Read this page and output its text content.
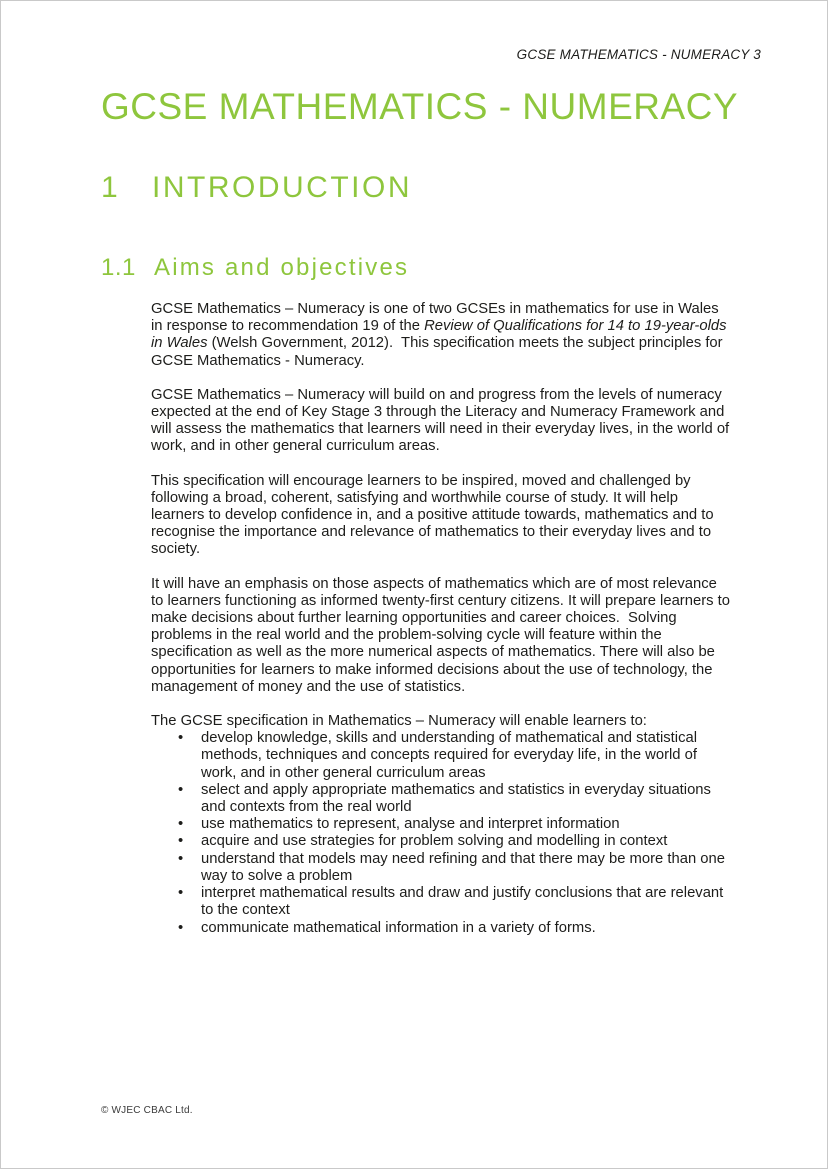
GCSE MATHEMATICS - NUMERACY 3
GCSE MATHEMATICS - NUMERACY
1	INTRODUCTION
1.1 Aims and objectives

GCSE Mathematics – Numeracy is one of two GCSEs in mathematics for use in Wales in response to recommendation 19 of the Review of Qualifications for 14 to 19-year-olds in Wales (Welsh Government, 2012).  This specification meets the subject principles for GCSE Mathematics - Numeracy.

GCSE Mathematics – Numeracy will build on and progress from the levels of numeracy expected at the end of Key Stage 3 through the Literacy and Numeracy Framework and will assess the mathematics that learners will need in their everyday lives, in the world of work, and in other general curriculum areas.

This specification will encourage learners to be inspired, moved and challenged by following a broad, coherent, satisfying and worthwhile course of study. It will help learners to develop confidence in, and a positive attitude towards, mathematics and to recognise the importance and relevance of mathematics to their everyday lives and to society.

It will have an emphasis on those aspects of mathematics which are of most relevance to learners functioning as informed twenty-first century citizens. It will prepare learners to make decisions about further learning opportunities and career choices.  Solving problems in the real world and the problem-solving cycle will feature within the specification as well as the more numerical aspects of mathematics. There will also be opportunities for learners to make informed decisions about the use of technology, the management of money and the use of statistics.

The GCSE specification in Mathematics – Numeracy will enable learners to:

• develop knowledge, skills and understanding of mathematical and statistical methods, techniques and concepts required for everyday life, in the world of work, and in other general curriculum areas
• select and apply appropriate mathematics and statistics in everyday situations and contexts from the real world
• use mathematics to represent, analyse and interpret information
• acquire and use strategies for problem solving and modelling in context
• understand that models may need refining and that there may be more than one way to solve a problem
• interpret mathematical results and draw and justify conclusions that are relevant to the context
• communicate mathematical information in a variety of forms.
© WJEC CBAC Ltd.
